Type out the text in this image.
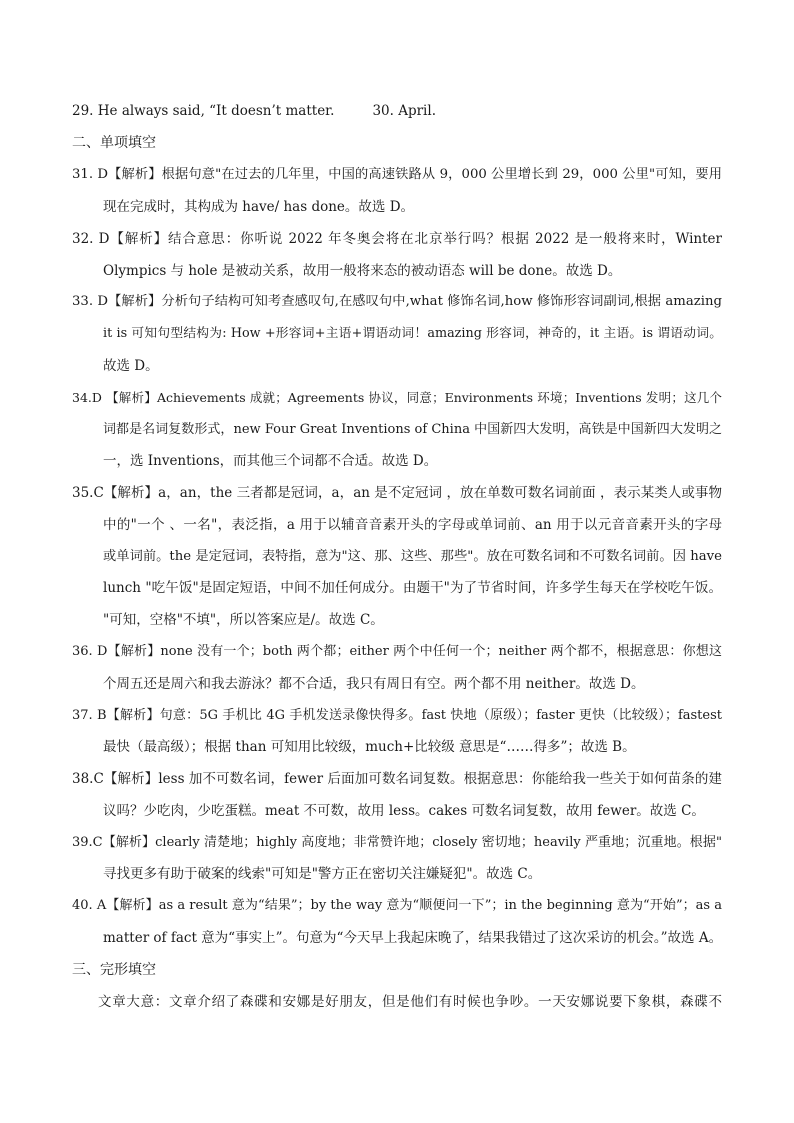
29. He always said, “It doesn’t matter.	30. April.
二、单项填空
31. D【解析】根据句意"在过去的几年里，中国的高速铁路从 9，000 公里增长到 29，000 公里"可知，要用
现在完成时，其构成为 have/ has done。故选 D。
32. D【解析】结合意思：你听说 2022 年冬奥会将在北京举行吗？根据 2022 是一般将来时，Winter
Olympics 与 hole 是被动关系，故用一般将来态的被动语态 will be done。故选 D。
33. D【解析】分析句子结构可知考查感叹句,在感叹句中,what 修饰名词,how 修饰形容词副词,根据 amazing
it is 可知句型结构为: How +形容词+主语+谓语动词！amazing 形容词，神奇的，it 主语。is 谓语动词。
故选 D。
34.D 【解析】Achievements 成就；Agreements 协议，同意；Environments 环境；Inventions 发明；这几个
词都是名词复数形式，new Four Great Inventions of China 中国新四大发明，高铁是中国新四大发明之
一，选 Inventions，而其他三个词都不合适。故选 D。
35.C【解析】a，an，the 三者都是冠词，a，an 是不定冠词 ，放在单数可数名词前面 ，表示某类人或事物
中的"一个 、一名"，表泛指，a 用于以辅音音素开头的字母或单词前、an 用于以元音音素开头的字母
或单词前。the 是定冠词，表特指，意为"这、那、这些、那些"。放在可数名词和不可数名词前。因 have
lunch "吃午饭"是固定短语，中间不加任何成分。由题干"为了节省时间，许多学生每天在学校吃午饭。
"可知，空格"不填"，所以答案应是/。故选 C。
36. D【解析】none 没有一个；both 两个都；either 两个中任何一个；neither 两个都不，根据意思：你想这
个周五还是周六和我去游泳？都不合适，我只有周日有空。两个都不用 neither。故选 D。
37. B【解析】句意：5G 手机比 4G 手机发送录像快得多。fast 快地（原级）；faster 更快（比较级）；fastest
最快（最高级）；根据 than 可知用比较级，much+比较级 意思是“……得多”；故选 B。
38.C【解析】less 加不可数名词，fewer 后面加可数名词复数。根据意思：你能给我一些关于如何苗条的建
议吗？少吃肉，少吃蛋糕。meat 不可数，故用 less。cakes 可数名词复数，故用 fewer。故选 C。
39.C【解析】clearly 清楚地；highly 高度地；非常赞许地；closely 密切地；heavily 严重地；沉重地。根据"
寻找更多有助于破案的线索"可知是"警方正在密切关注嫌疑犯"。故选 C。
40. A【解析】as a result 意为“结果”；by the way 意为“顺便问一下”；in the beginning 意为“开始”；as a
matter of fact 意为“事实上”。句意为“今天早上我起床晚了，结果我错过了这次采访的机会。”故选 A。
三、完形填空
文章大意：文章介绍了森碟和安娜是好朋友，但是他们有时候也争吵。一天安娜说要下象棋，森碟不
